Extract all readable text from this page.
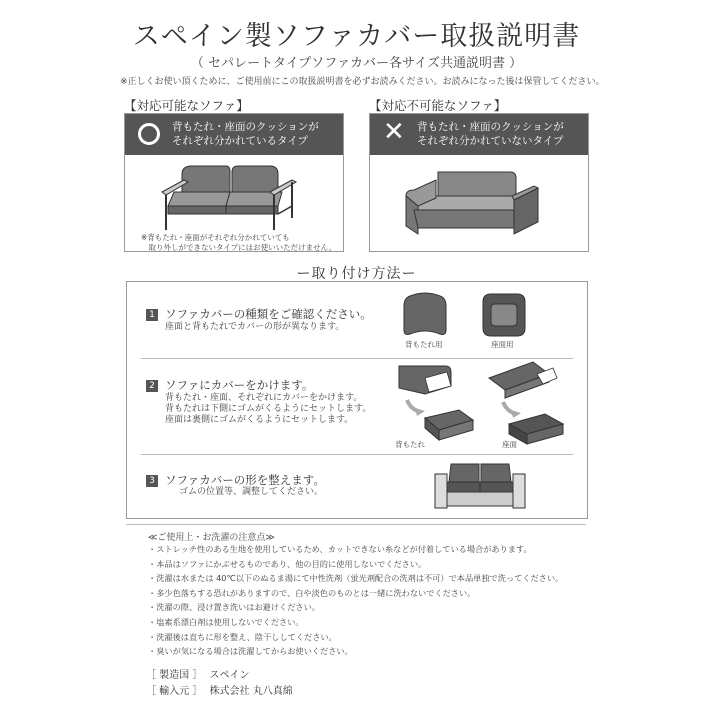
スペイン製ソファカバー取扱説明書
（ セパレートタイプソファカバー各サイズ共通説明書 ）
※正しくお使い頂くために、ご使用前にこの取扱説明書を必ずお読みください。お読みになった後は保管してください。
【対応可能なソファ】
背もたれ・座面のクッションが
それぞれ分かれているタイプ
※背もたれ・座面がそれぞれ分かれていても
　取り外しができないタイプにはお使いいただけません。
【対応不可能なソファ】
✕ 背もたれ・座面のクッションが
それぞれ分かれていないタイプ
ー取り付け方法ー
1 ソファカバーの種類をご確認ください。
座面と背もたれでカバーの形が異なります。
背もたれ用	座面用
2 ソファにカバーをかけます。
背もたれ・座面、それぞれにカバーをかけます。
背もたれは下側にゴムがくるようにセットします。
座面は裏側にゴムがくるようにセットします。
背もたれ	座面
3 ソファカバーの形を整えます。
ゴムの位置等、調整してください。
≪ご使用上・お洗濯の注意点≫
・ストレッチ性のある生地を使用しているため、カットできない糸などが付着している場合があります。
・本品はソファにかぶせるものであり、他の目的に使用しないでください。
・洗濯は水または 40℃以下のぬるま湯にて中性洗剤（蛍光剤配合の洗剤は不可）で本品単独で洗ってください。
・多少色落ちする恐れがありますので、白や淡色のものとは一緒に洗わないでください。
・洗濯の際、浸け置き洗いはお避けください。
・塩素系漂白剤は使用しないでください。
・洗濯後は直ちに形を整え、陰干ししてください。
・臭いが気になる場合は洗濯してからお使いください。
［ 製造国 ］ スペイン
［ 輸入元 ］ 株式会社 丸八真綿
